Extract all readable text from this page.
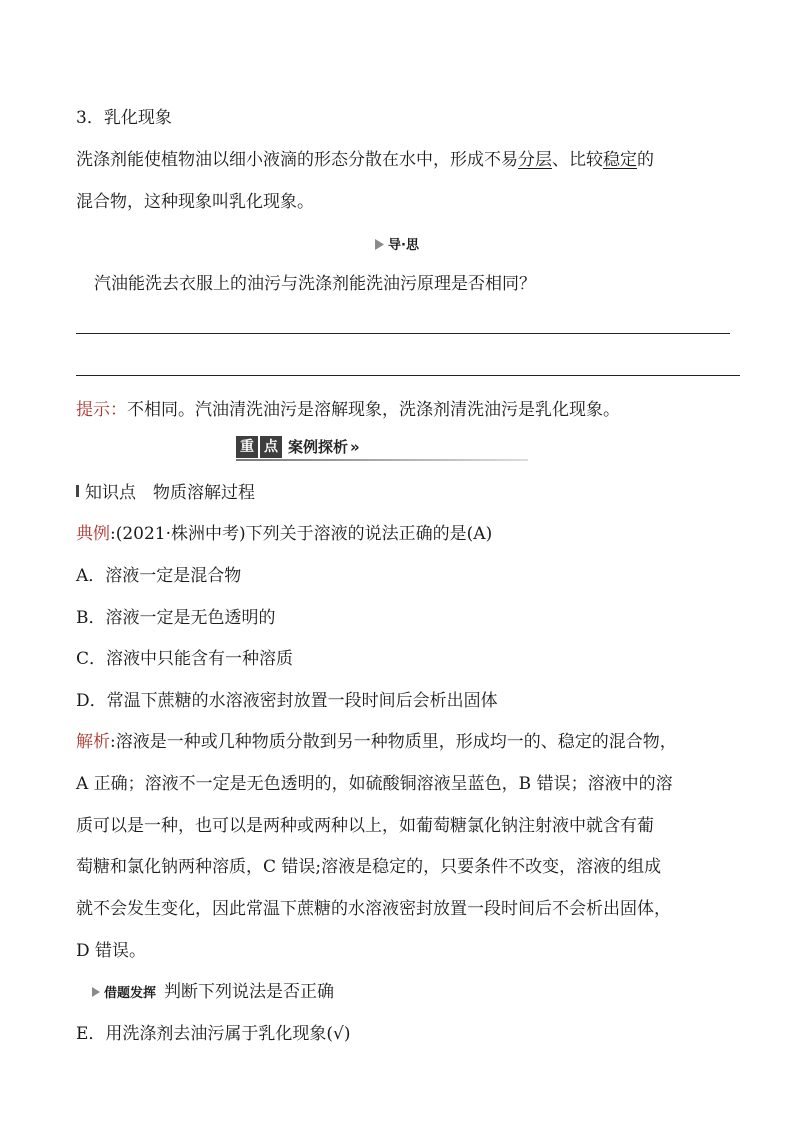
3．乳化现象
洗涤剂能使植物油以细小液滴的形态分散在水中，形成不易分层、比较稳定的
混合物，这种现象叫乳化现象。
导·思
汽油能洗去衣服上的油污与洗涤剂能洗油污原理是否相同？
提示：不相同。汽油清洗油污是溶解现象，洗涤剂清洗油污是乳化现象。
重 点 案例探析 »
知识点　物质溶解过程
典例:(2021·株洲中考)下列关于溶液的说法正确的是(A)
A．溶液一定是混合物
B．溶液一定是无色透明的
C．溶液中只能含有一种溶质
D．常温下蔗糖的水溶液密封放置一段时间后会析出固体
解析:溶液是一种或几种物质分散到另一种物质里，形成均一的、稳定的混合物，
A 正确；溶液不一定是无色透明的，如硫酸铜溶液呈蓝色，B 错误；溶液中的溶
质可以是一种，也可以是两种或两种以上，如葡萄糖氯化钠注射液中就含有葡
萄糖和氯化钠两种溶质，C 错误;溶液是稳定的，只要条件不改变，溶液的组成
就不会发生变化，因此常温下蔗糖的水溶液密封放置一段时间后不会析出固体，
D 错误。
借题发挥 判断下列说法是否正确
E．用洗涤剂去油污属于乳化现象(√)
